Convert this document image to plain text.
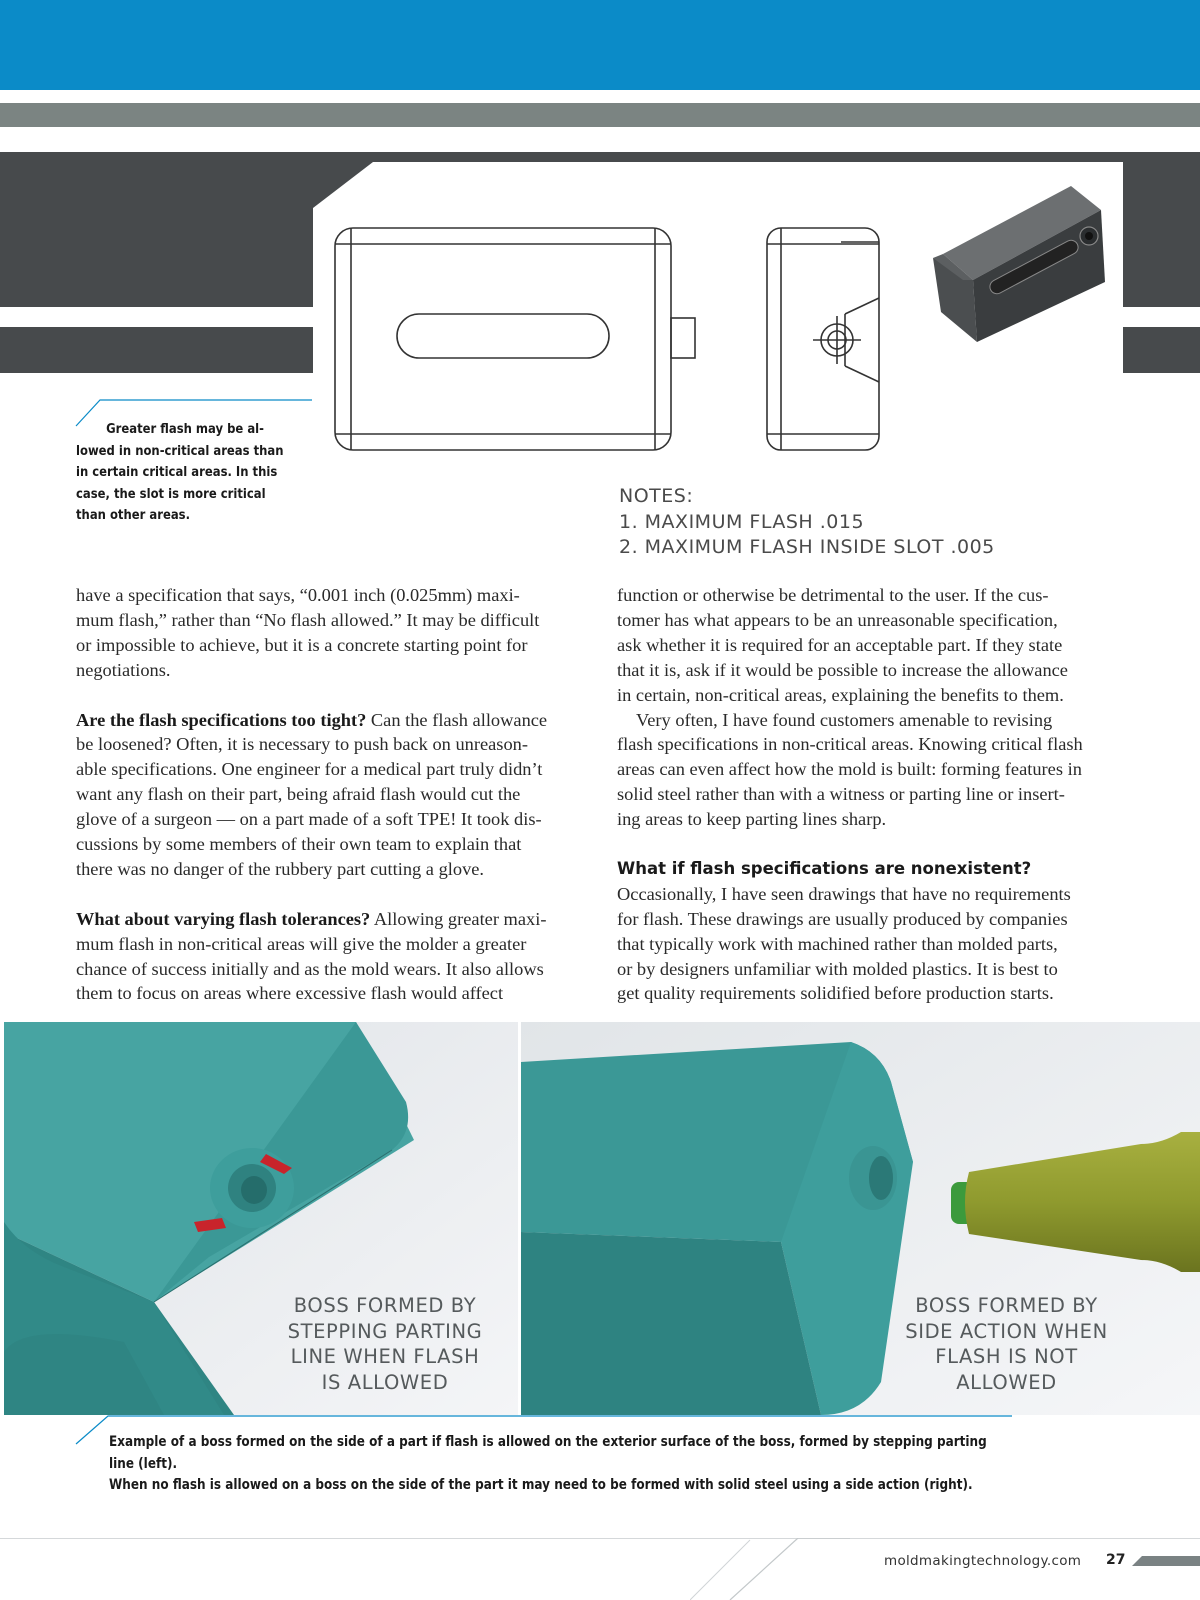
Greater flash may be al-
lowed in non-critical areas than
in certain critical areas. In this
case, the slot is more critical
than other areas.
NOTES:
1. MAXIMUM FLASH .015
2. MAXIMUM FLASH INSIDE SLOT .005

have a specification that says, “0.001 inch (0.025mm) maxi-

mum flash,” rather than “No flash allowed.” It may be difficult

or impossible to achieve, but it is a concrete starting point for

negotiations.

Are the flash specifications too tight? Can the flash allowance

be loosened? Often, it is necessary to push back on unreason-

able specifications. One engineer for a medical part truly didn’t

want any flash on their part, being afraid flash would cut the

glove of a surgeon — on a part made of a soft TPE! It took dis-

cussions by some members of their own team to explain that

there was no danger of the rubbery part cutting a glove.

What about varying flash tolerances? Allowing greater maxi-

mum flash in non-critical areas will give the molder a greater

chance of success initially and as the mold wears. It also allows

them to focus on areas where excessive flash would affect

function or otherwise be detrimental to the user. If the cus-

tomer has what appears to be an unreasonable specification,

ask whether it is required for an acceptable part. If they state

that it is, ask if it would be possible to increase the allowance

in certain, non-critical areas, explaining the benefits to them.

Very often, I have found customers amenable to revising

flash specifications in non-critical areas. Knowing critical flash

areas can even affect how the mold is built: forming features in

solid steel rather than with a witness or parting line or insert-

ing areas to keep parting lines sharp.

What if flash specifications are nonexistent?

Occasionally, I have seen drawings that have no requirements

for flash. These drawings are usually produced by companies

that typically work with machined rather than molded parts,

or by designers unfamiliar with molded plastics. It is best to

get quality requirements solidified before production starts.

BOSS FORMED BY
STEPPING PARTING
LINE WHEN FLASH
IS ALLOWED
BOSS FORMED BY
SIDE ACTION WHEN
FLASH IS NOT
ALLOWED
Example of a boss formed on the side of a part if flash is allowed on the exterior surface of the boss, formed by stepping parting line (left).
When no flash is allowed on a boss on the side of the part it may need to be formed with solid steel using a side action (right).
moldmakingtechnology.com 27
